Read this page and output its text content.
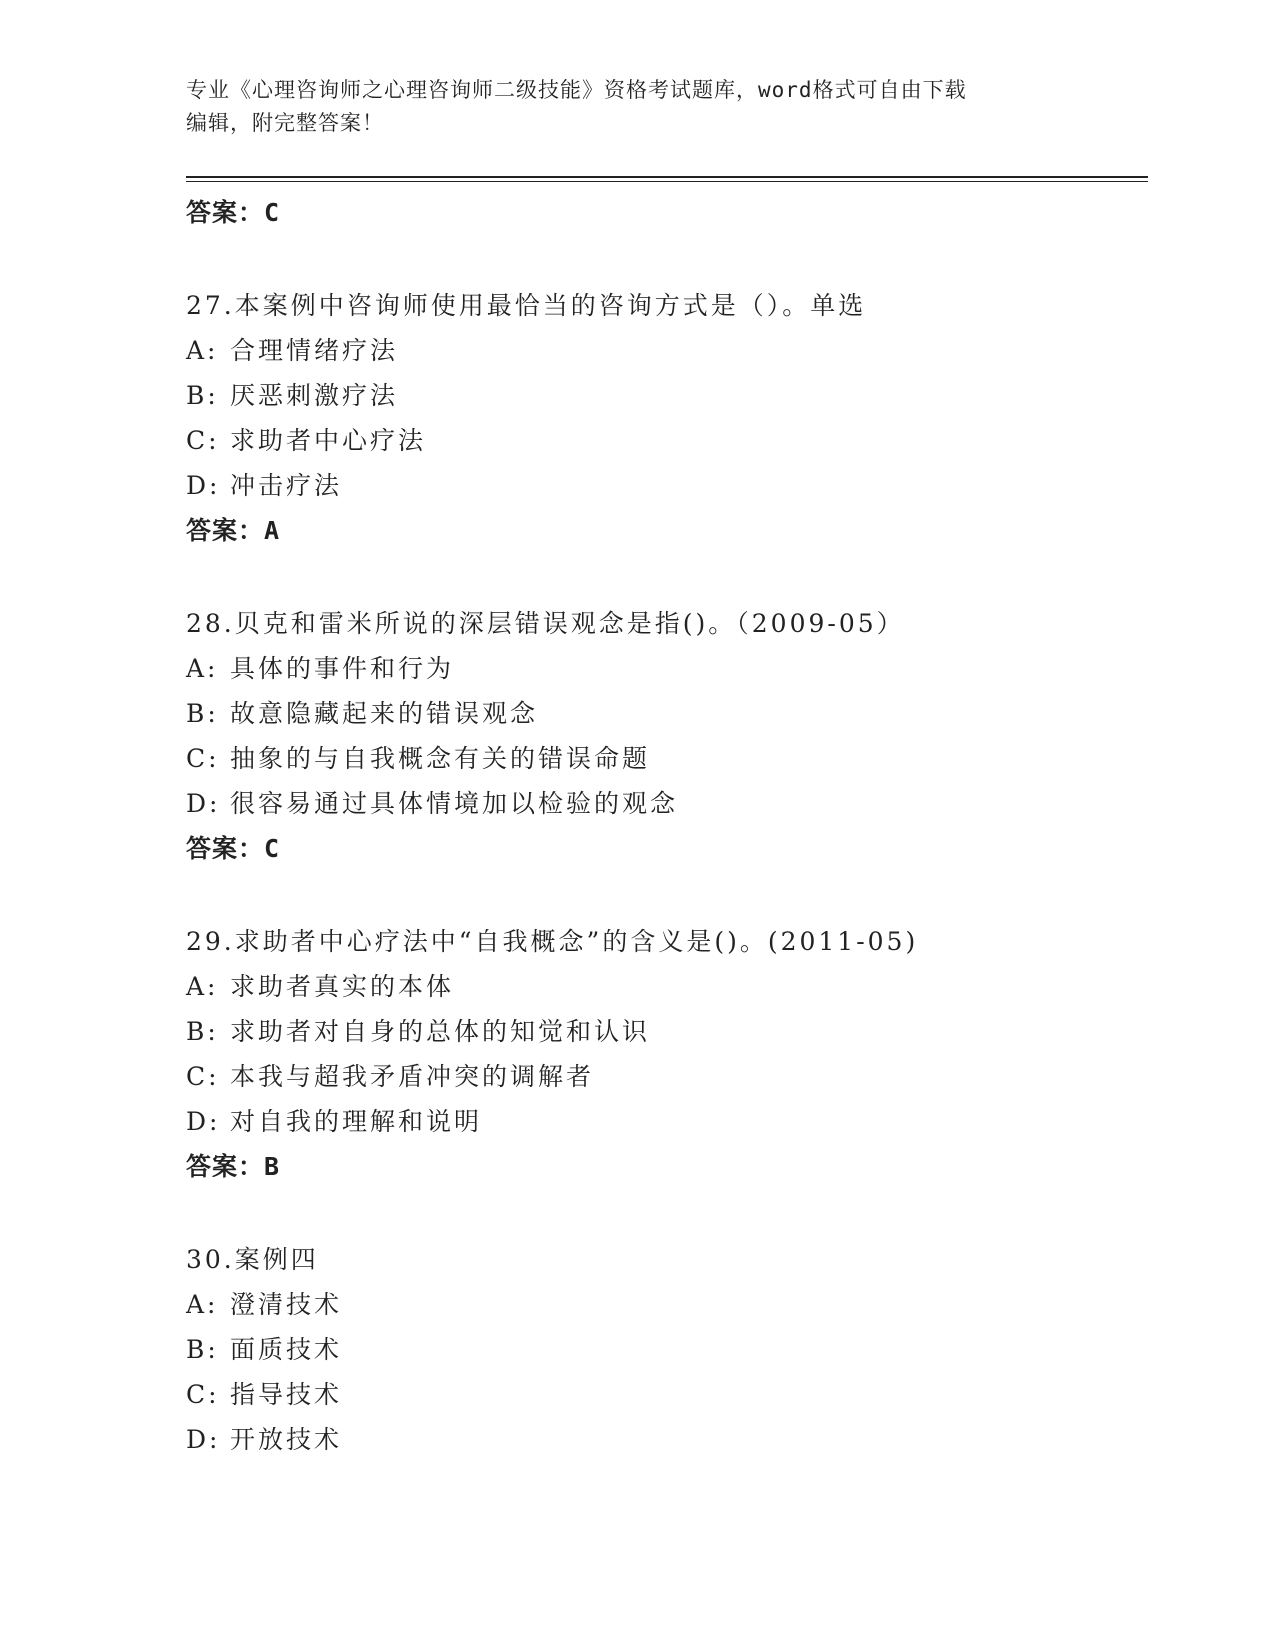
专业《心理咨询师之心理咨询师二级技能》资格考试题库，word格式可自由下载
编辑，附完整答案！
答案：C
27.本案例中咨询师使用最恰当的咨询方式是（）。单选
A: 合理情绪疗法
B: 厌恶刺激疗法
C: 求助者中心疗法
D: 冲击疗法
答案：A
28.贝克和雷米所说的深层错误观念是指()。（2009-05）
A: 具体的事件和行为
B: 故意隐藏起来的错误观念
C: 抽象的与自我概念有关的错误命题
D: 很容易通过具体情境加以检验的观念
答案：C
29.求助者中心疗法中“自我概念”的含义是()。(2011-05)
A: 求助者真实的本体
B: 求助者对自身的总体的知觉和认识
C: 本我与超我矛盾冲突的调解者
D: 对自我的理解和说明
答案：B
30.案例四
A: 澄清技术
B: 面质技术
C: 指导技术
D: 开放技术
